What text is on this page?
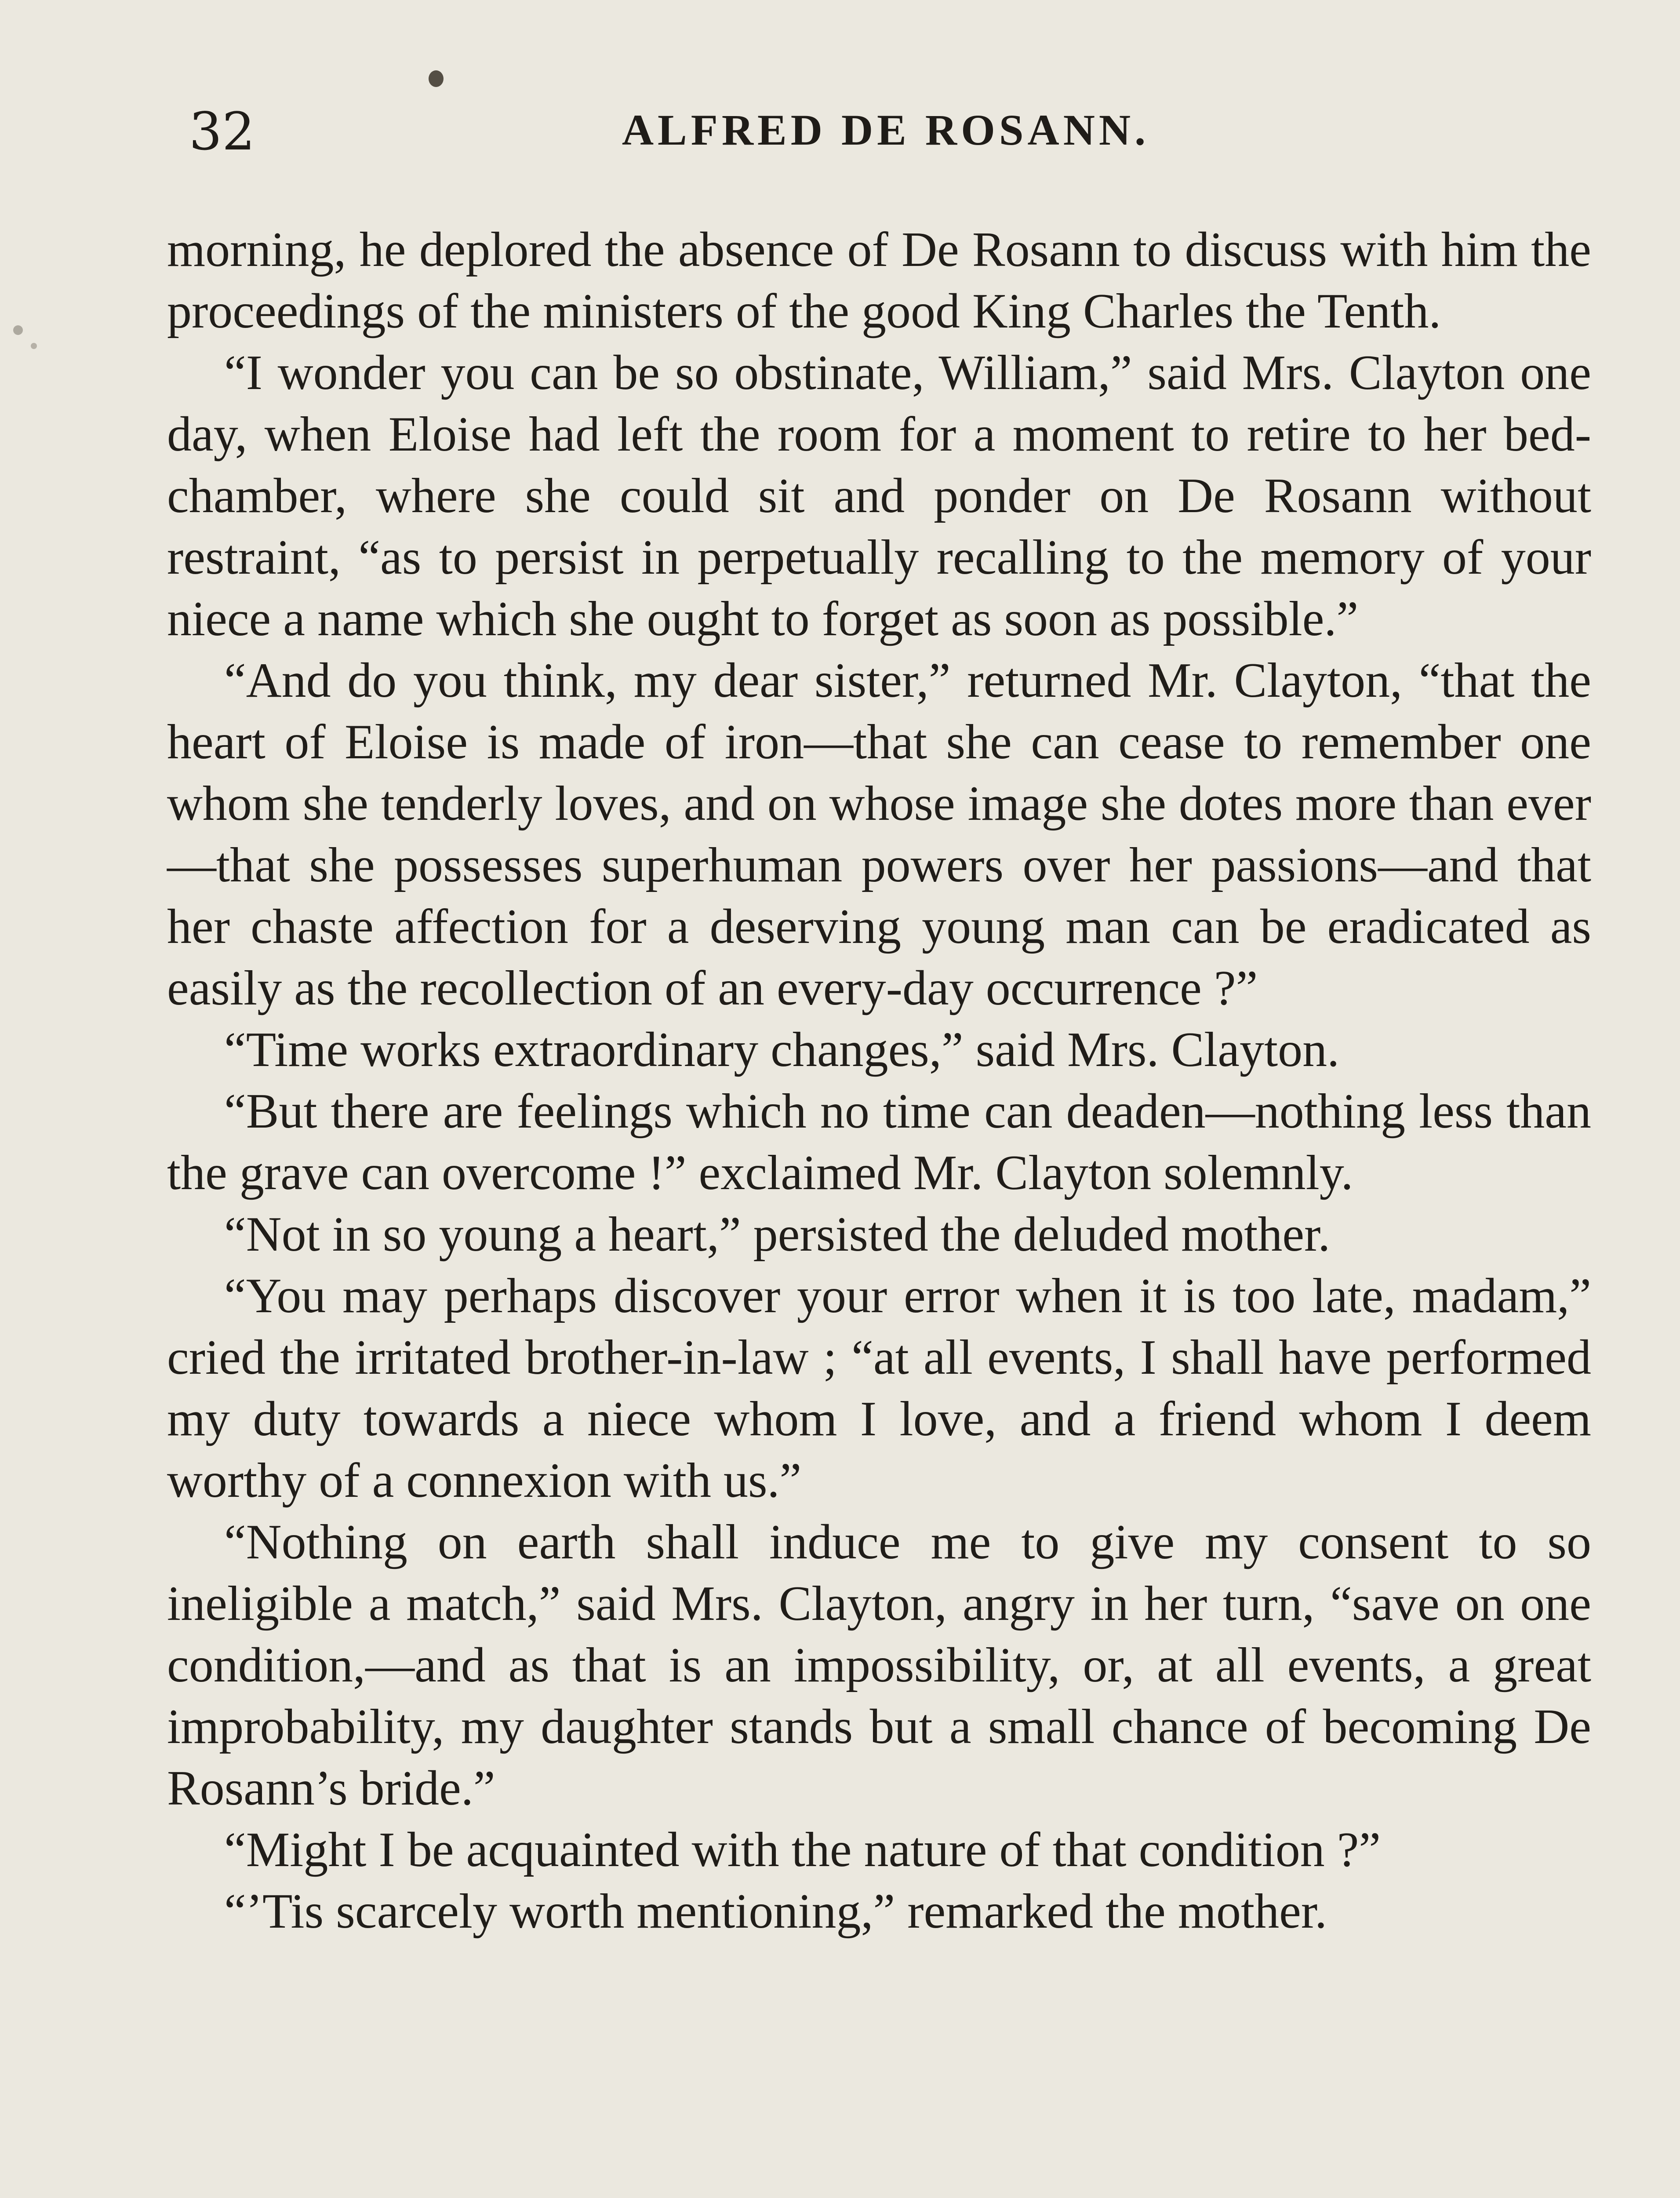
32	ALFRED DE ROSANN.

morning, he deplored the absence of De Rosann to discuss with him the proceedings of the ministers of the good King Charles the Tenth.

“I wonder you can be so obstinate, William,” said Mrs. Clayton one day, when Eloise had left the room for a moment to retire to her bed-chamber, where she could sit and ponder on De Rosann without restraint, “as to persist in perpetually recalling to the memory of your niece a name which she ought to forget as soon as possible.”

“And do you think, my dear sister,” returned Mr. Clayton, “that the heart of Eloise is made of iron—that she can cease to remember one whom she tenderly loves, and on whose image she dotes more than ever—that she possesses superhuman powers over her passions—and that her chaste affection for a deserving young man can be eradicated as easily as the recollection of an every-day occurrence ?”

“Time works extraordinary changes,” said Mrs. Clayton.

“But there are feelings which no time can deaden—nothing less than the grave can overcome !” exclaimed Mr. Clayton solemnly.

“Not in so young a heart,” persisted the deluded mother.

“You may perhaps discover your error when it is too late, madam,” cried the irritated brother-in-law ; “at all events, I shall have performed my duty towards a niece whom I love, and a friend whom I deem worthy of a connexion with us.”

“Nothing on earth shall induce me to give my consent to so ineligible a match,” said Mrs. Clayton, angry in her turn, “save on one condition,—and as that is an impossibility, or, at all events, a great improbability, my daughter stands but a small chance of becoming De Rosann’s bride.”

“Might I be acquainted with the nature of that condition ?”

“’Tis scarcely worth mentioning,” remarked the mother.
